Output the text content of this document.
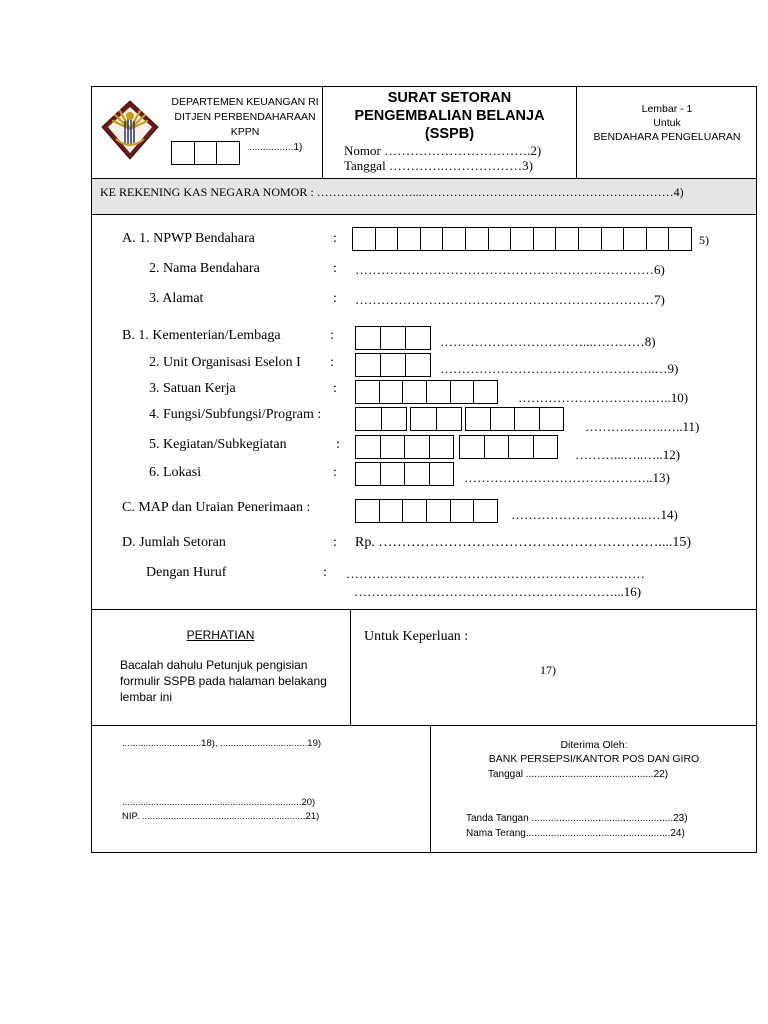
DEPARTEMEN KEUANGAN RI
DITJEN PERBENDAHARAAN
KPPN
................1)
SURAT SETORAN
PENGEMBALIAN BELANJA
(SSPB)
Nomor …………………………….2)
Tanggal ………….………………3)
Lembar - 1
Untuk
BENDAHARA PENGELUARAN
KE REKENING KAS NEGARA NOMOR : ……………………...………………………………………………………4)
A. 1. NPWP Bendahara	:	5)
2. Nama Bendahara	: ……………………………………………………………6)
3. Alamat	: ……………………………………………………………7)
B. 1. Kementerian/Lembaga	:	……………………………...…………8)
2. Unit Organisasi Eselon I :	…………………………………………..…9)
3. Satuan Kerja	:
………………………….…..10)
4. Fungsi/Subfungsi/Program :
………..……..…..11)
5. Kegiatan/Subkegiatan	:
………...…..…..12)
6. Lokasi	:	……………………………………..13)
C. MAP dan Uraian Penerimaan :	…………………………..…14)
D. Jumlah Setoran	: Rp. ……………………………………………………....15)
Dengan Huruf	: ……………………………………………………………
……………………………………………………...16)
PERHATIAN
Bacalah dahulu Petunjuk pengisian
formulir SSPB pada halaman belakang
lembar ini
Untuk Keperluan :
17)
..............................18), .................................19)
....................................................................20)
NIP. ..............................................................21)
Diterima Oleh:
BANK PERSEPSI/KANTOR POS DAN GIRO
Tanggal ..............................................22)
Tanda Tangan ...................................................23)
Nama Terang....................................................24)
